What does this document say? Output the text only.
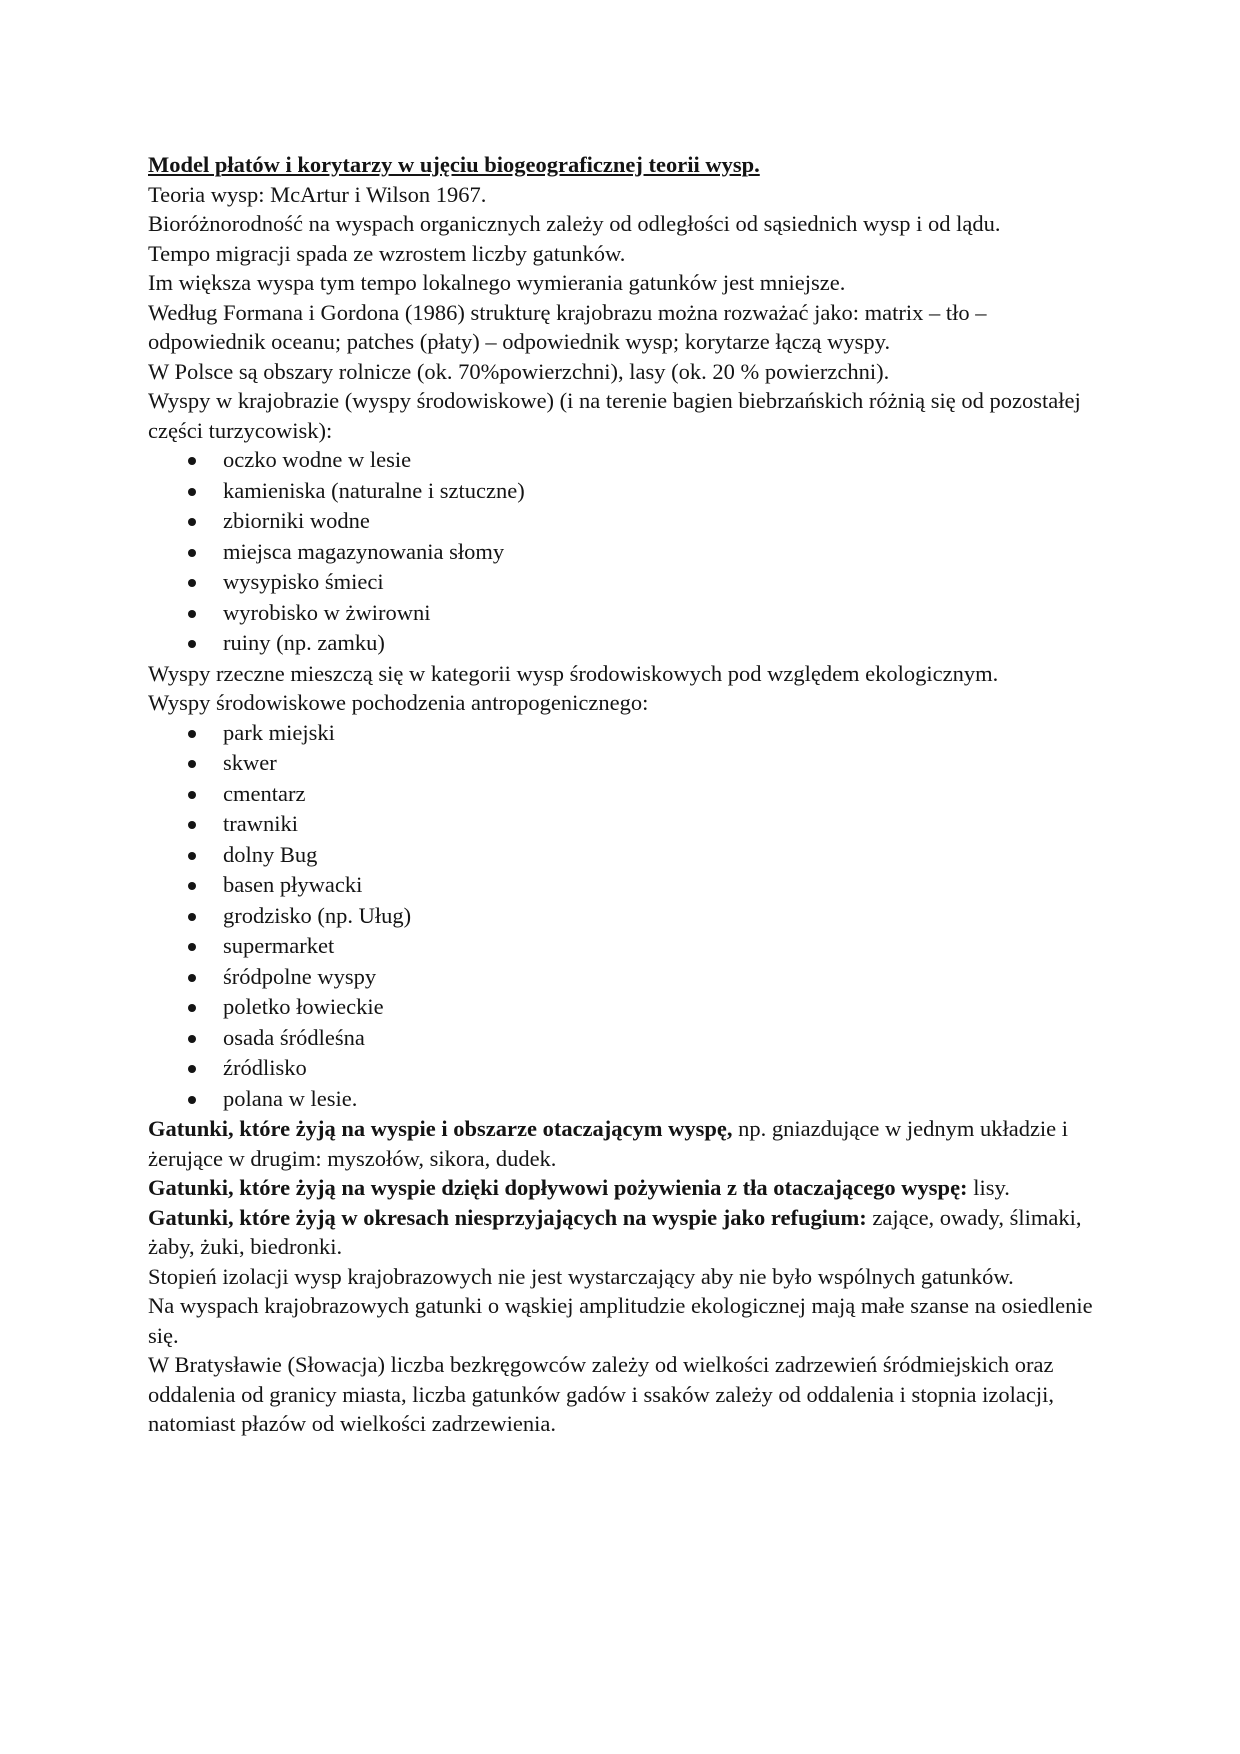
Model płatów i korytarzy w ujęciu biogeograficznej teorii wysp.

Teoria wysp: McArtur i Wilson 1967.

Bioróżnorodność na wyspach organicznych zależy od odległości od sąsiednich wysp i od lądu.

Tempo migracji spada ze wzrostem liczby gatunków.

Im większa wyspa tym tempo lokalnego wymierania gatunków jest mniejsze.

Według Formana i Gordona (1986) strukturę krajobrazu można rozważać jako: matrix – tło – odpowiednik oceanu; patches (płaty) – odpowiednik wysp; korytarze łączą wyspy.

W Polsce są obszary rolnicze (ok. 70%powierzchni), lasy (ok. 20 % powierzchni).

Wyspy w krajobrazie (wyspy środowiskowe) (i na terenie bagien biebrzańskich różnią się od pozostałej części turzycowisk):

oczko wodne w lesie
kamieniska (naturalne i sztuczne)
zbiorniki wodne
miejsca magazynowania słomy
wysypisko śmieci
wyrobisko w żwirowni
ruiny (np. zamku)

Wyspy rzeczne mieszczą się w kategorii wysp środowiskowych pod względem ekologicznym.

Wyspy środowiskowe pochodzenia antropogenicznego:

park miejski
skwer
cmentarz
trawniki
dolny Bug
basen pływacki
grodzisko (np. Uług)
supermarket
śródpolne wyspy
poletko łowieckie
osada śródleśna
źródlisko
polana w lesie.

Gatunki, które żyją na wyspie i obszarze otaczającym wyspę, np. gniazdujące w jednym układzie i żerujące w drugim: myszołów, sikora, dudek.

Gatunki, które żyją na wyspie dzięki dopływowi pożywienia z tła otaczającego wyspę: lisy.

Gatunki, które żyją w okresach niesprzyjających na wyspie jako refugium: zające, owady, ślimaki, żaby, żuki, biedronki.

Stopień izolacji wysp krajobrazowych nie jest wystarczający aby nie było wspólnych gatunków.

Na wyspach krajobrazowych gatunki o wąskiej amplitudzie ekologicznej mają małe szanse na osiedlenie się.

W Bratysławie (Słowacja) liczba bezkręgowców zależy od wielkości zadrzewień śródmiejskich oraz oddalenia od granicy miasta, liczba gatunków gadów i ssaków zależy od oddalenia i stopnia izolacji, natomiast płazów od wielkości zadrzewienia.
